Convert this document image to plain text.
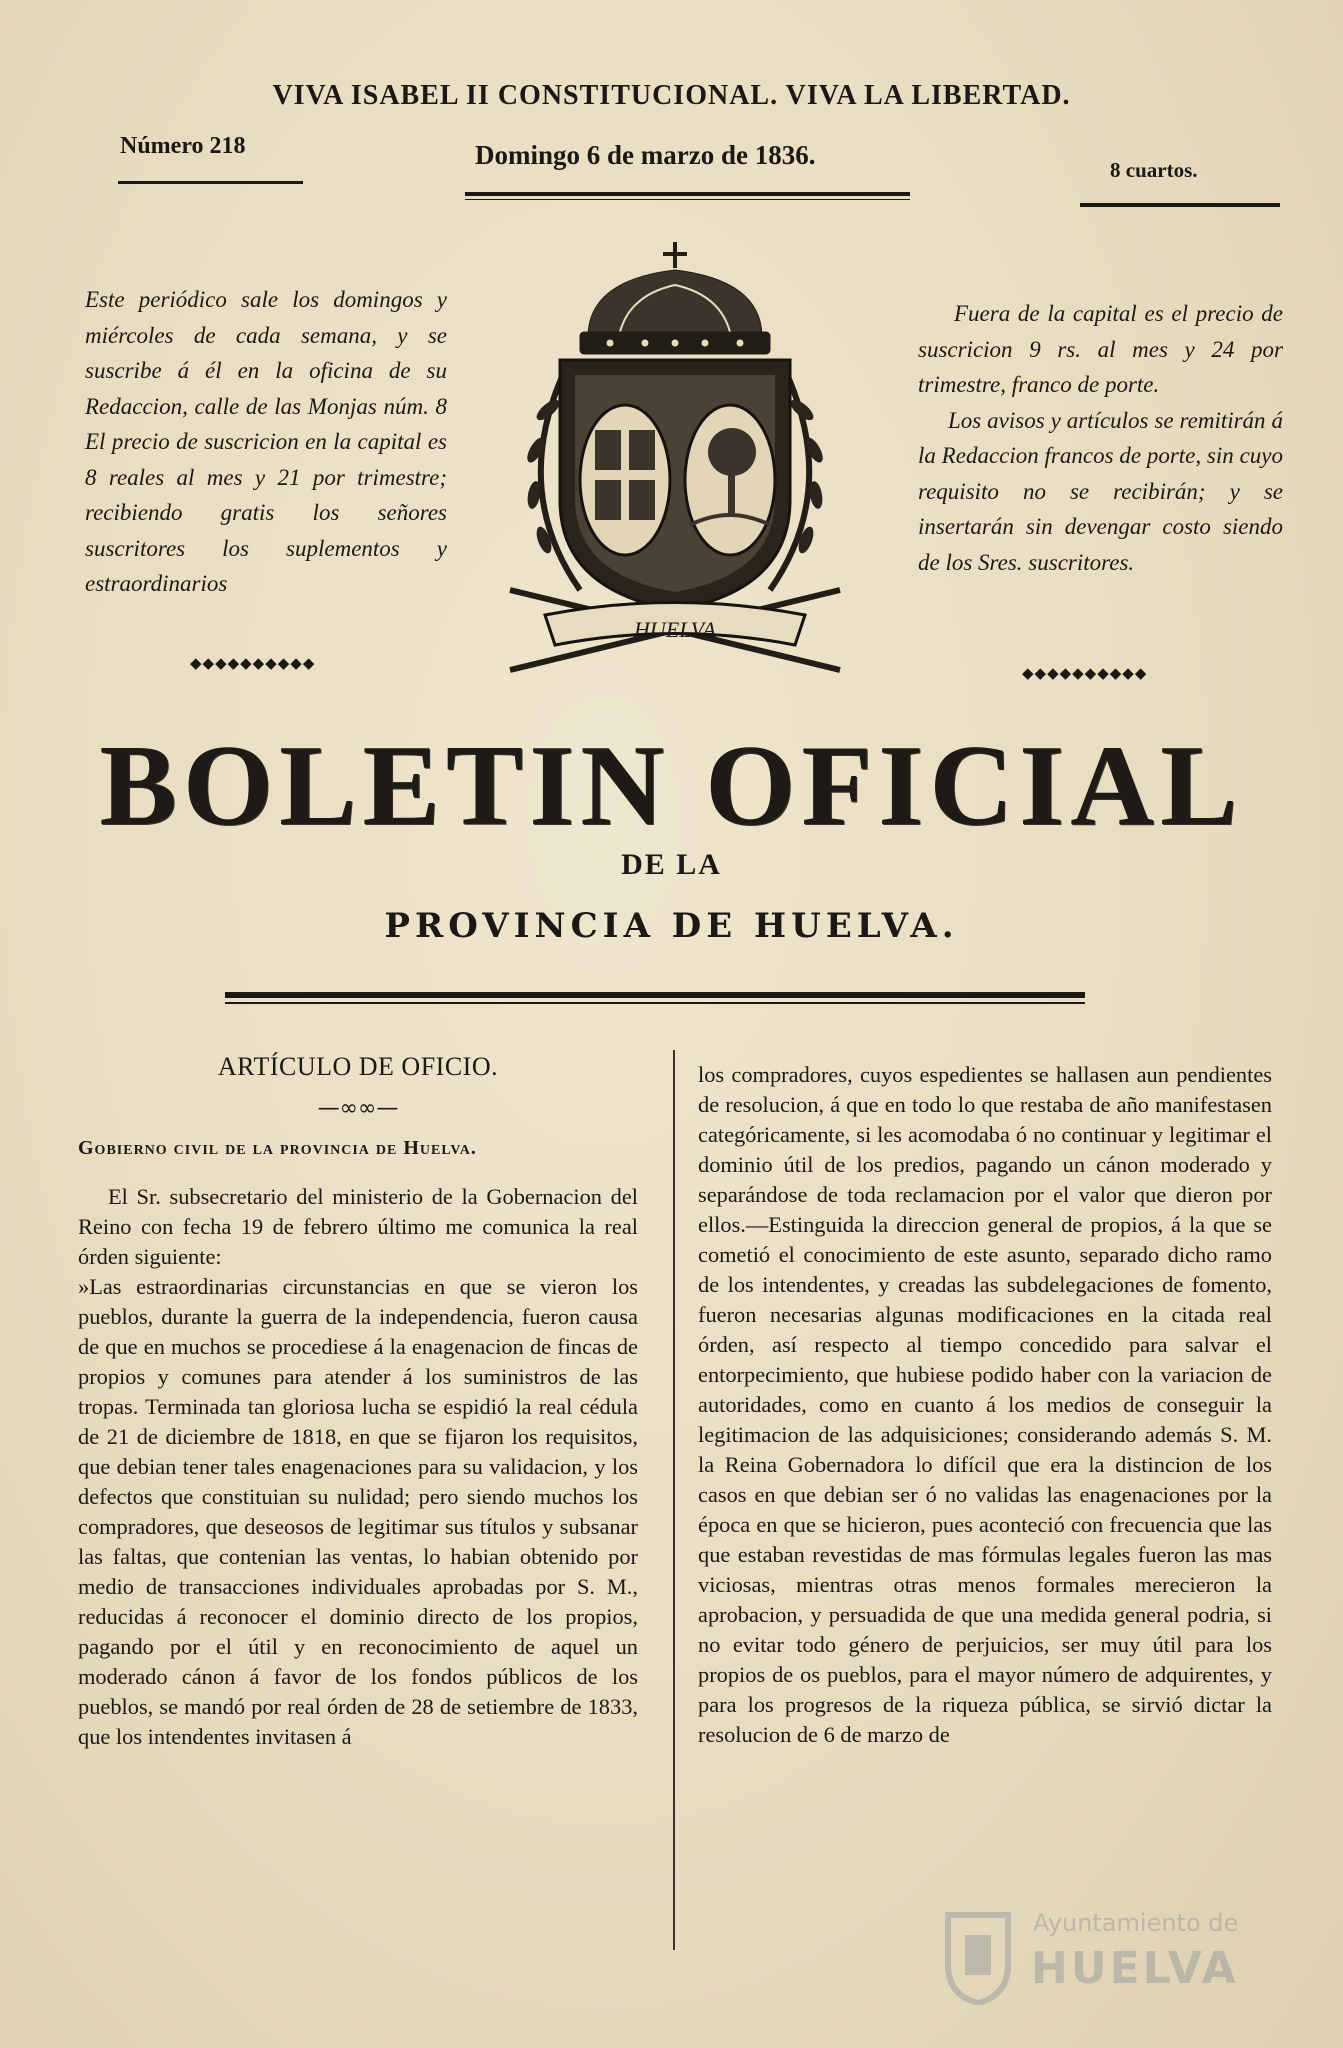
VIVA ISABEL II CONSTITUCIONAL. VIVA LA LIBERTAD.
Número 218	Domingo 6 de marzo de 1836.	8 cuartos.

Este periódico sale los domingos y miércoles de cada semana, y se suscribe á él en la oficina de su Redaccion, calle de las Monjas núm. 8 El precio de suscricion en la capital es 8 reales al mes y 21 por trimestre; recibiendo gratis los señores suscritores los suplementos y estraordinarios

◆◆◆◆◆◆◆◆◆◆
HUELVA

Fuera de la capital es el precio de suscricion 9 rs. al mes y 24 por trimestre, franco de porte.

Los avisos y artículos se remitirán á la Redaccion francos de porte, sin cuyo requisito no se recibirán; y se insertarán sin devengar costo siendo de los Sres. suscritores.

◆◆◆◆◆◆◆◆◆◆
BOLETIN OFICIAL
DE LA
PROVINCIA DE HUELVA.
ARTÍCULO DE OFICIO.
—∞∞—
Gobierno civil de la provincia de Huelva.

El Sr. subsecretario del ministerio de la Gobernacion del Reino con fecha 19 de febrero último me comunica la real órden siguiente:

»Las estraordinarias circunstancias en que se vieron los pueblos, durante la guerra de la independencia, fueron causa de que en muchos se procediese á la enagenacion de fincas de propios y comunes para atender á los suministros de las tropas. Terminada tan gloriosa lucha se espidió la real cédula de 21 de diciembre de 1818, en que se fijaron los requisitos, que debian tener tales enagenaciones para su validacion, y los defectos que constituian su nulidad; pero siendo muchos los compradores, que deseosos de legitimar sus títulos y subsanar las faltas, que contenian las ventas, lo habian obtenido por medio de transacciones individuales aprobadas por S. M., reducidas á reconocer el dominio directo de los propios, pagando por el útil y en reconocimiento de aquel un moderado cánon á favor de los fondos públicos de los pueblos, se mandó por real órden de 28 de setiembre de 1833, que los intendentes invitasen á

los compradores, cuyos espedientes se hallasen aun pendientes de resolucion, á que en todo lo que restaba de año manifestasen categóricamente, si les acomodaba ó no continuar y legitimar el dominio útil de los predios, pagando un cánon moderado y separándose de toda reclamacion por el valor que dieron por ellos.—Estinguida la direccion general de propios, á la que se cometió el conocimiento de este asunto, separado dicho ramo de los intendentes, y creadas las subdelegaciones de fomento, fueron necesarias algunas modificaciones en la citada real órden, así respecto al tiempo concedido para salvar el entorpecimiento, que hubiese podido haber con la variacion de autoridades, como en cuanto á los medios de conseguir la legitimacion de las adquisiciones; considerando además S. M. la Reina Gobernadora lo difícil que era la distincion de los casos en que debian ser ó no validas las enagenaciones por la época en que se hicieron, pues aconteció con frecuencia que las que estaban revestidas de mas fórmulas legales fueron las mas viciosas, mientras otras menos formales merecieron la aprobacion, y persuadida de que una medida general podria, si no evitar todo género de perjuicios, ser muy útil para los propios de os pueblos, para el mayor número de adquirentes, y para los progresos de la riqueza pública, se sirvió dictar la resolucion de 6 de marzo de

Ayuntamiento de
HUELVA
